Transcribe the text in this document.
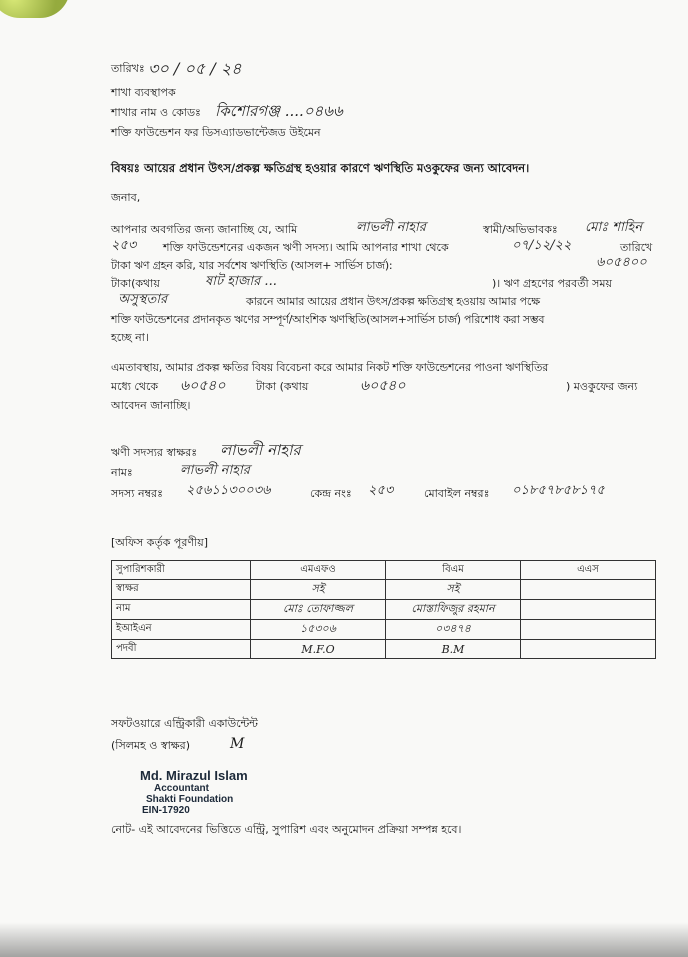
তারিখঃ ৩০ / ০৫ / ২৪
শাখা ব্যবস্থাপক
শাখার নাম ও কোডঃ কিশোরগঞ্জ ....০৪৬৬
শক্তি ফাউন্ডেশন ফর ডিসএ্যাডভান্টেজড উইমেন
বিষয়ঃ আয়ের প্রধান উৎস/প্রকল্প ক্ষতিগ্রস্থ হওয়ার কারণে ঋণস্থিতি মওকুফের জন্য আবেদন।
জনাব,
আপনার অবগতির জন্য জানাচ্ছি যে, আমি	লাভলী নাহার	স্বামী/অভিভাবকঃ মোঃ শাহিন
২৫৩ শক্তি ফাউন্ডেশনের একজন ঋণী সদস্য। আমি আপনার শাখা থেকে	০৭/১২/২২	তারিখে
টাকা ঋণ গ্রহন করি, যার সর্বশেষ ঋণস্থিতি (আসল+ সার্ভিস চার্জ):	৬০৫৪০০
টাকা(কথায়	ষাট হাজার ...	)। ঋণ গ্রহণের পরবর্তী সময়
অসুস্থতার	কারনে আমার আয়ের প্রধান উৎস/প্রকল্প ক্ষতিগ্রস্থ হওয়ায় আমার পক্ষে
শক্তি ফাউন্ডেশনের প্রদানকৃত ঋণের সম্পূর্ণ/আংশিক ঋণস্থিতি(আসল+সার্ভিস চার্জ) পরিশোধ করা সম্ভব
হচ্ছে না।
এমতাবস্থায়, আমার প্রকল্প ক্ষতির বিষয় বিবেচনা করে আমার নিকট শক্তি ফাউন্ডেশনের পাওনা ঋণস্থিতির
মধ্যে থেকে ৬০৫৪০	টাকা (কথায়	৬০৫৪০	) মওকুফের জন্য
আবেদন জানাচ্ছি।
ঋণী সদস্যর স্বাক্ষরঃ লাভলী নাহার
নামঃ	লাভলী নাহার
সদস্য নম্বরঃ ২৫৬১১৩০০৩৬	কেন্দ্র নংঃ ২৫৩	মোবাইল নম্বরঃ ০১৮৫৭৮৫৮১৭৫
[অফিস কর্তৃক পূরণীয়]
সুপারিশকারী	এমএফও	বিএম	এএস
স্বাক্ষর	সই	সই	
নাম	মোঃ তোফাজ্জল	মোস্তাফিজুর রহমান	
ইআইএন	১৫৩০৬	০৩৪৭৪	
পদবী	M.F.O	B.M	
সফটওয়ারে এন্ট্রিকারী একাউন্টেন্ট
(সিলমহ ও স্বাক্ষর)	M
Md. Mirazul Islam
Accountant
Shakti Foundation
EIN-17920
নোট- এই আবেদনের ভিত্তিতে এন্ট্রি, সুপারিশ এবং অনুমোদন প্রক্রিয়া সম্পন্ন হবে।
